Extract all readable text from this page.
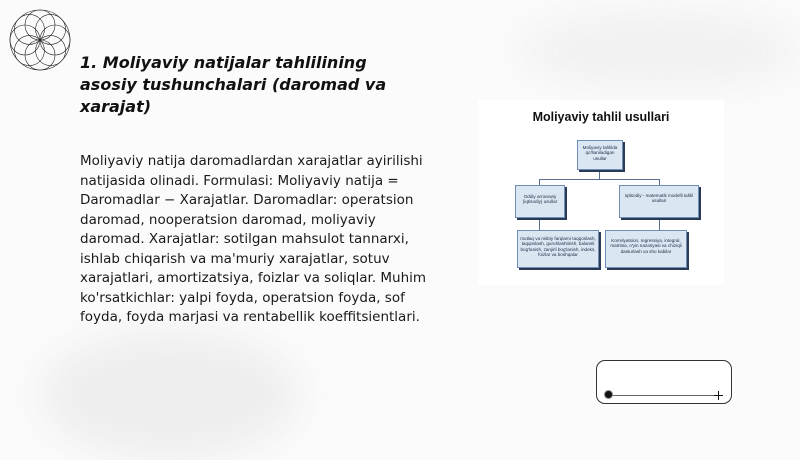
1. Moliyaviy natijalar tahlilining asosiy tushunchalari (daromad va xarajat)

Moliyaviy natija daromadlardan xarajatlar ayirilishi natijasida olinadi. Formulasi: Moliyaviy natija = Daromadlar − Xarajatlar. Daromadlar: operatsion daromad, nooperatsion daromad, moliyaviy daromad. Xarajatlar: sotilgan mahsulot tannarxi, ishlab chiqarish va ma'muriy xarajatlar, sotuv xarajatlari, amortizatsiya, foizlar va soliqlar. Muhim ko'rsatkichlar: yalpi foyda, operatsion foyda, sof foyda, foyda marjasi va rentabellik koeffitsientlari.

Moliyaviy tahlil usullari
Moliyaviy tahlilda qo'llaniladigan usullar
Oddiy an'anaviy (iqtisodiy) usullar
Iqtisodiy - matematik modelli tahlil usullari
mutlaq va nisbiy farqlarni taqqoslash, taqqoslash, guruhlashtirish, balansli bog'lanish, zanjirli bog'lanish, indeks, foizlar va boshqalar
Korrelyatsion, regressiya, integral, matritsa, o'yin nazariyasi va chiziqli dasturlash va shu kabilar
